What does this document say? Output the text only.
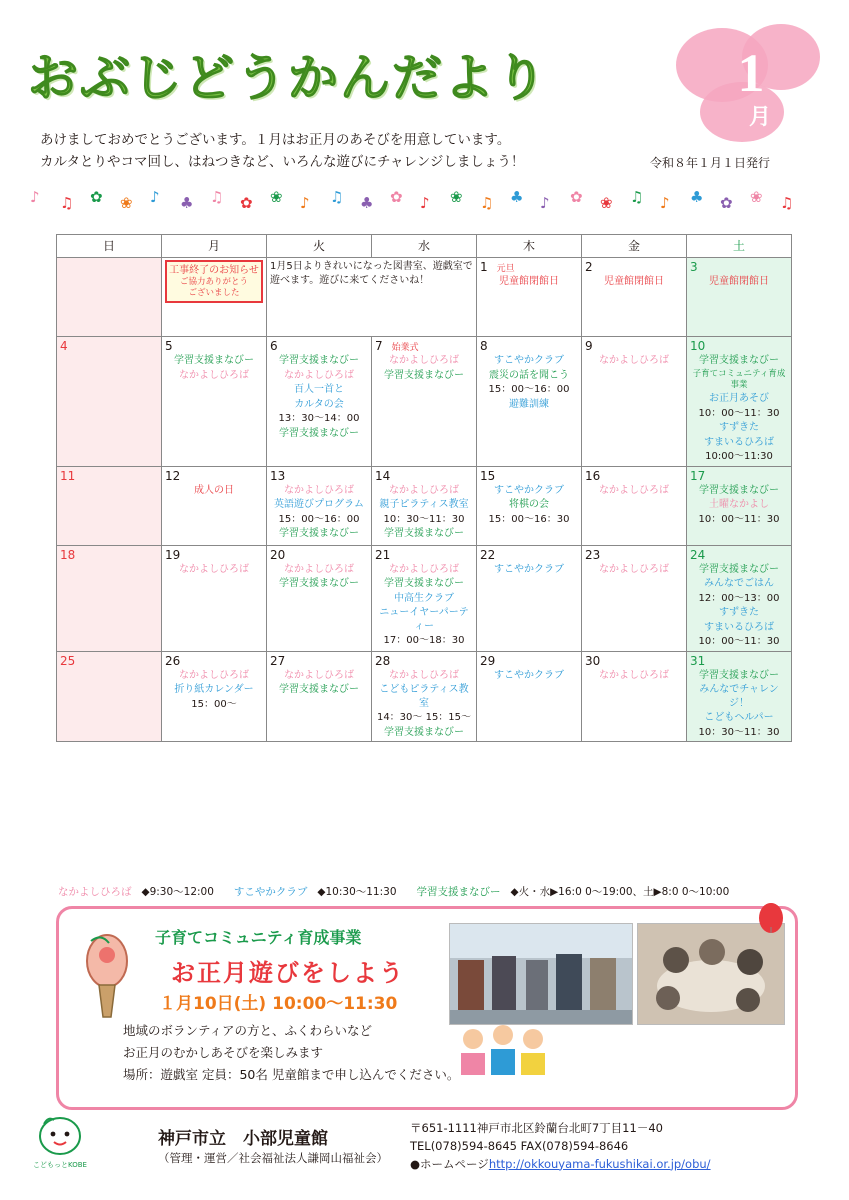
1
月
おぶじどうかんだより
あけましておめでとうございます。１月はお正月のあそびを用意しています。
カルタとりやコマ回し、はねつきなど、いろんな遊びにチャレンジしましょう！	令和８年１月１日発行
♪ ♫ ✿ ❀ ♪ ♣ ♫ ✿ ❀ ♪ ♫ ♣ ✿ ♪ ❀ ♫ ♣ ♪ ✿ ❀ ♫ ♪ ♣ ✿ ❀ ♫
日	月	火	水	木	金	土

	工事終了のお知らせ
ご協力ありがとう
ございました	1月5日よりきれいになった図書室、遊戯室で遊べます。遊びに来てくださいね！		1　元旦
児童館閉館日	2
児童館閉館日	3
児童館閉館日

4	5
学習支援まなびー
なかよしひろば
	6
学習支援まなびー
なかよしひろば
百人一首と
カルタの会
13：30～14：00
学習支援まなびー
	7　始業式
なかよしひろば
学習支援まなびー
	8
すこやかクラブ
震災の話を聞こう
15：00～16：00
避難訓練
	9
なかよしひろば
	10
学習支援まなびー
子育てコミュニティ育成事業
お正月あそび
10：00～11：30
すずきた
すまいるひろば
10:00～11:30

11	12
成人の日	13
なかよしひろば
英語遊びプログラム
15：00～16：00
学習支援まなびー	14
なかよしひろば
親子ピラティス教室
10：30～11：30
学習支援まなびー	15
すこやかクラブ
将棋の会
15：00～16：30	16
なかよしひろば	17
学習支援まなびー
土曜なかよし
10：00～11：30

18	19
なかよしひろば
	20
なかよしひろば
学習支援まなびー
	21
なかよしひろば
学習支援まなびー
中高生クラブ
ニューイヤーパーティー
17：00～18：30
	22
すこやかクラブ
	23
なかよしひろば
	24
学習支援まなびー
みんなでごはん
12：00～13：00
すずきた
すまいるひろば
10：00～11：30

25	26
なかよしひろば
折り紙カレンダー
15：00～	27
なかよしひろば
学習支援まなびー	28
なかよしひろば
こどもピラティス教室
14：30～ 15：15～
学習支援まなびー	29
すこやかクラブ	30
なかよしひろば	31
学習支援まなびー
みんなでチャレンジ！
こどもヘルパー
10：30～11：30
なかよしひろば ◆9:30～12:00 すこやかクラブ ◆10:30～11:30 学習支援まなびー ◆火・水▶16:0 0～19:00、土▶8:0 0～10:00
子育てコミュニティ育成事業
お正月遊びをしよう
１月10日(土) 10:00～11:30
地域のボランティアの方と、ふくわらいなど
お正月のむかしあそびを楽しみます
場所：遊戯室 定員：50名 児童館まで申し込んでください。
こどもっとKOBE
神戸市立　小部児童館
（管理・運営／社会福祉法人謙岡山福祉会）
〒651-1111神戸市北区鈴蘭台北町7丁目11－40
TEL(078)594-8645 FAX(078)594-8646
●ホームページhttp://okkouyama-fukushikai.or.jp/obu/
